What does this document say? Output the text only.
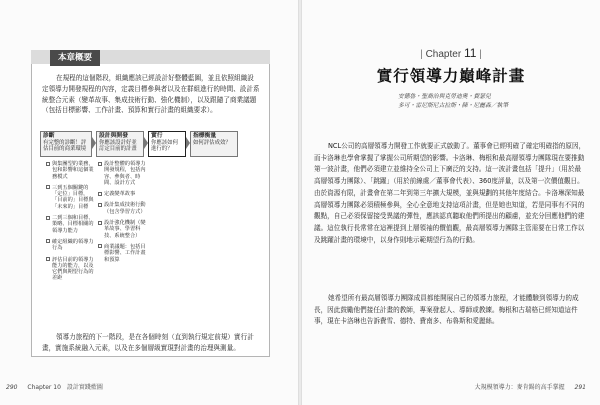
本章概要

在規程的這個階段，組織應該已經設計好整體藍圖，並且依照組織設定領導力開發規程的內容，定義目標參與者以及在群組進行的時間、設計系統整合元素（變革故事、集成技術行動、強化機制），以及跟隨了商業議題（包括目標影響、工作計畫、預算和實行計畫的組織要求）。

診斷
有完整的診斷！評估目前的商業環境
設計與開發
你應該設計好並訂定目前的計畫
實行
你應該如何進行的？
指標衡量
如何評估成效？
與集團型的業務，包和影響和這個業務模式
三到五個關鍵的「定位」目標，「目前的」目標與「未來的」目標
二到三個和目標、策略、目標相關的領導力能力
確定組織的領導力行為
評估目前的領導力能力的能力，以及它們與期望行為的差距
設計整體的領導力開發規程，包括內容、參與者、時間、設計方式
定義變革故事
設計集成技術行動（包含學習方式）
設計強化機制（變革故事、學習科技、系統整合）
商業議題：包括目標影響、工作計畫和預算

領導力旅程的下一階段，是在各個時刻（直到執行規定前規）實行計畫，實施系統融入元素，以及在多個層級實現對計畫的治理與測量。

290 Chapter 10　設計實踐藍圖
| Chapter 11 |
實行領導力巔峰計畫
安德魯・聖喬治與克勞迪奧・費瑟兒
多可・雷尼斯尼古拉斯・陳・尼麗森／執筆

NCL公司的高層領導力開發工作就要正式啟動了。董事會已經明確了確定明確指的原因，而卡洛琳也學會掌握了掌握公司所期望的影響。卡洛琳、梅根和最高層領導力團隊現在要推動第一波計畫，他們必須建立並維持全公司上下廣泛的支持。這一波計畫包括「提升」（用於最高層領導力團隊）、「跳躍」（用於前線處／董事會代表）、360度評量，以及第一次價值觀日。由於資源有限，計畫會在第二年到第三年擴大規模，並與規劃的其他年度結合。卡洛琳深知最高層領導力團隊必須積極參與，全心全意地支持這項計畫，但是她也知道，若是同事有不同的觀點，自己必須保留接受異議的彈性，應該認真聽取他們所提出的顧慮，並充分回應他們的建議。這位執行長常常在這裡提到上層領袖的價值觀，最高層領導力團隊主管需要在日常工作以及跳躍計畫的環境中，以身作則地示範期望行為的行動。

她希望所有最高層領導力團隊成員都能開展自己的領導力旅程，才能體驗到領導力的成長，因此鼓勵他們接任計畫的教師，專案發起人、導師或教練。梅根和古瑞格已經知道這件事，現在卡洛琳也告訴費雪、德特、費南多、布魯斯和愛麗絲。

大規模領導力：麥肯錫的高手掌握 291
